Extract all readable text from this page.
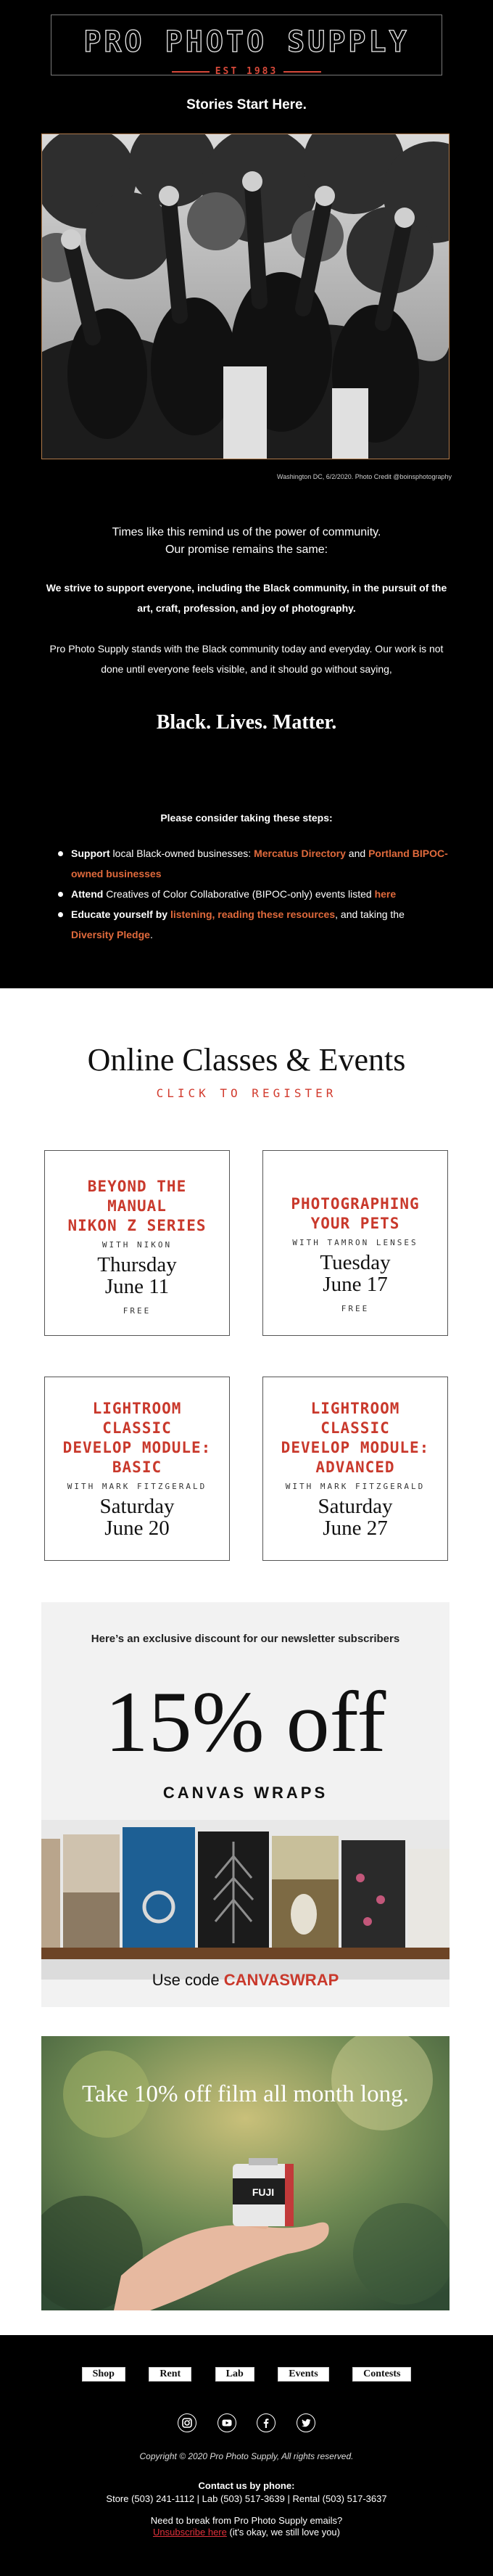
PRO PHOTO SUPPLY
EST 1983
Stories Start Here.
Washington DC, 6/2/2020. Photo Credit @boinsphotography
Times like this remind us of the power of community.
Our promise remains the same:
We strive to support everyone, including the Black community, in the pursuit of the art, craft, profession, and joy of photography.
Pro Photo Supply stands with the Black community today and everyday. Our work is not done until everyone feels visible, and it should go without saying,
Black. Lives. Matter.
Please consider taking these steps:
Support local Black-owned businesses: Mercatus Directory and Portland BIPOC-owned businesses
Attend Creatives of Color Collaborative (BIPOC-only) events listed here
Educate yourself by listening, reading these resources, and taking the Diversity Pledge.
Online Classes & Events
CLICK TO REGISTER
BEYOND THE
MANUAL
NIKON Z SERIES
WITH NIKON
Thursday
June 11
FREE
PHOTOGRAPHING
YOUR PETS
WITH TAMRON LENSES
Tuesday
June 17
FREE
LIGHTROOM
CLASSIC
DEVELOP MODULE:
BASIC
WITH MARK FITZGERALD
Saturday
June 20
LIGHTROOM
CLASSIC
DEVELOP MODULE:
ADVANCED
WITH MARK FITZGERALD
Saturday
June 27
Here’s an exclusive discount for our newsletter subscribers
15% off
CANVAS WRAPS
Use code CANVASWRAP
FUJI
Take 10% off film all month long.
Shop	Rent	Lab	Events	Contests

Copyright © 2020 Pro Photo Supply, All rights reserved.
Contact us by phone:
Store (503) 241-1112 | Lab (503) 517-3639 | Rental (503) 517-3637
Need to break from Pro Photo Supply emails?
Unsubscribe here (it's okay, we still love you)
